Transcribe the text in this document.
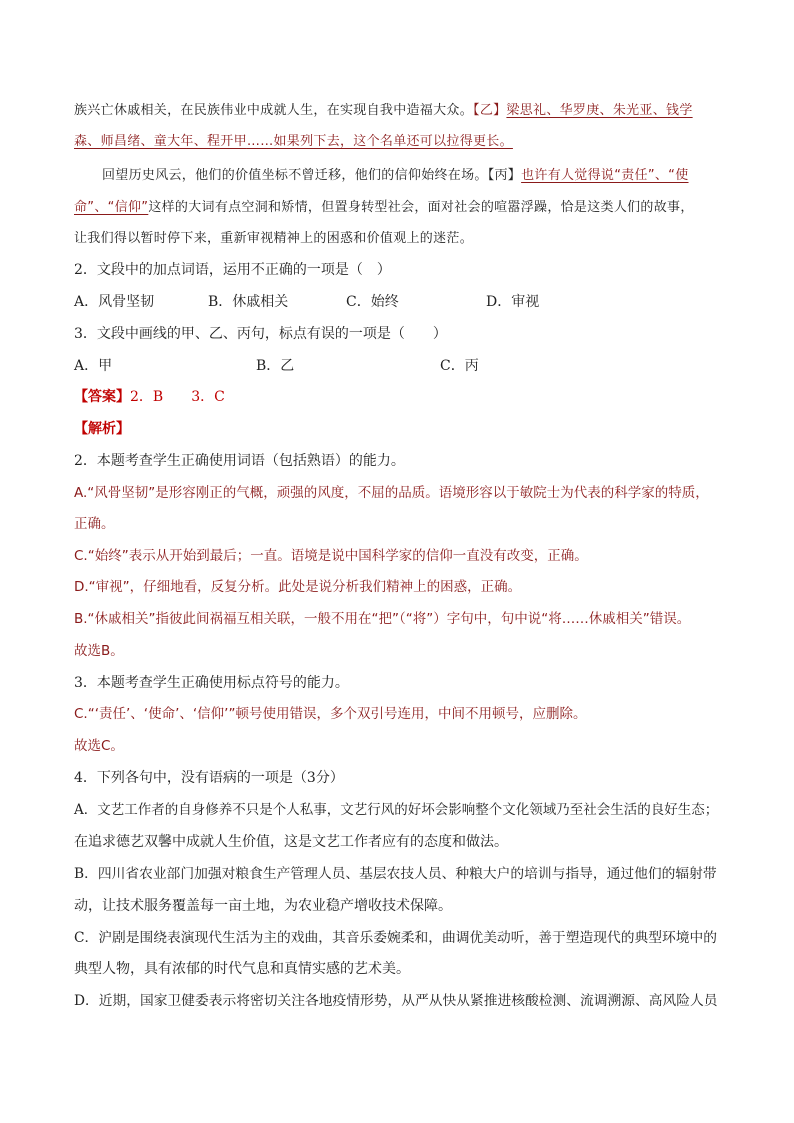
族兴亡休戚相关，在民族伟业中成就人生，在实现自我中造福大众。【乙】梁思礼、华罗庚、朱光亚、钱学
森、师昌绪、童大年、程开甲……如果列下去，这个名单还可以拉得更长。
回望历史风云，他们的价值坐标不曾迁移，他们的信仰始终在场。【丙】也许有人觉得说“责任”、“使
命”、“信仰”这样的大词有点空洞和矫情，但置身转型社会，面对社会的喧嚣浮躁，恰是这类人们的故事，
让我们得以暂时停下来，重新审视精神上的困惑和价值观上的迷茫。
2．文段中的加点词语，运用不正确的一项是（　）
A．风骨坚韧	B．休戚相关	C．始终	D．审视
3．文段中画线的甲、乙、丙句，标点有误的一项是（　　）
A．甲	B．乙	C．丙
【答案】2．B　　3．C
【解析】
2．本题考查学生正确使用词语（包括熟语）的能力。
A.“风骨坚韧”是形容刚正的气概，顽强的风度，不屈的品质。语境形容以于敏院士为代表的科学家的特质，
正确。
C.“始终”表示从开始到最后；一直。语境是说中国科学家的信仰一直没有改变，正确。
D.“审视”，仔细地看，反复分析。此处是说分析我们精神上的困惑，正确。
B.“休戚相关”指彼此间祸福互相关联，一般不用在“把”（“将”）字句中，句中说“将……休戚相关”错误。
故选B。
3．本题考查学生正确使用标点符号的能力。
C.“‘责任’、‘使命’、‘信仰’”顿号使用错误，多个双引号连用，中间不用顿号，应删除。
故选C。
4．下列各句中，没有语病的一项是（3分）
A．文艺工作者的自身修养不只是个人私事，文艺行风的好坏会影响整个文化领域乃至社会生活的良好生态；
在追求德艺双馨中成就人生价值，这是文艺工作者应有的态度和做法。
B．四川省农业部门加强对粮食生产管理人员、基层农技人员、种粮大户的培训与指导，通过他们的辐射带
动，让技术服务覆盖每一亩土地，为农业稳产增收技术保障。
C．沪剧是围绕表演现代生活为主的戏曲，其音乐委婉柔和，曲调优美动听，善于塑造现代的典型环境中的
典型人物，具有浓郁的时代气息和真情实感的艺术美。
D．近期，国家卫健委表示将密切关注各地疫情形势，从严从快从紧推进核酸检测、流调溯源、高风险人员
